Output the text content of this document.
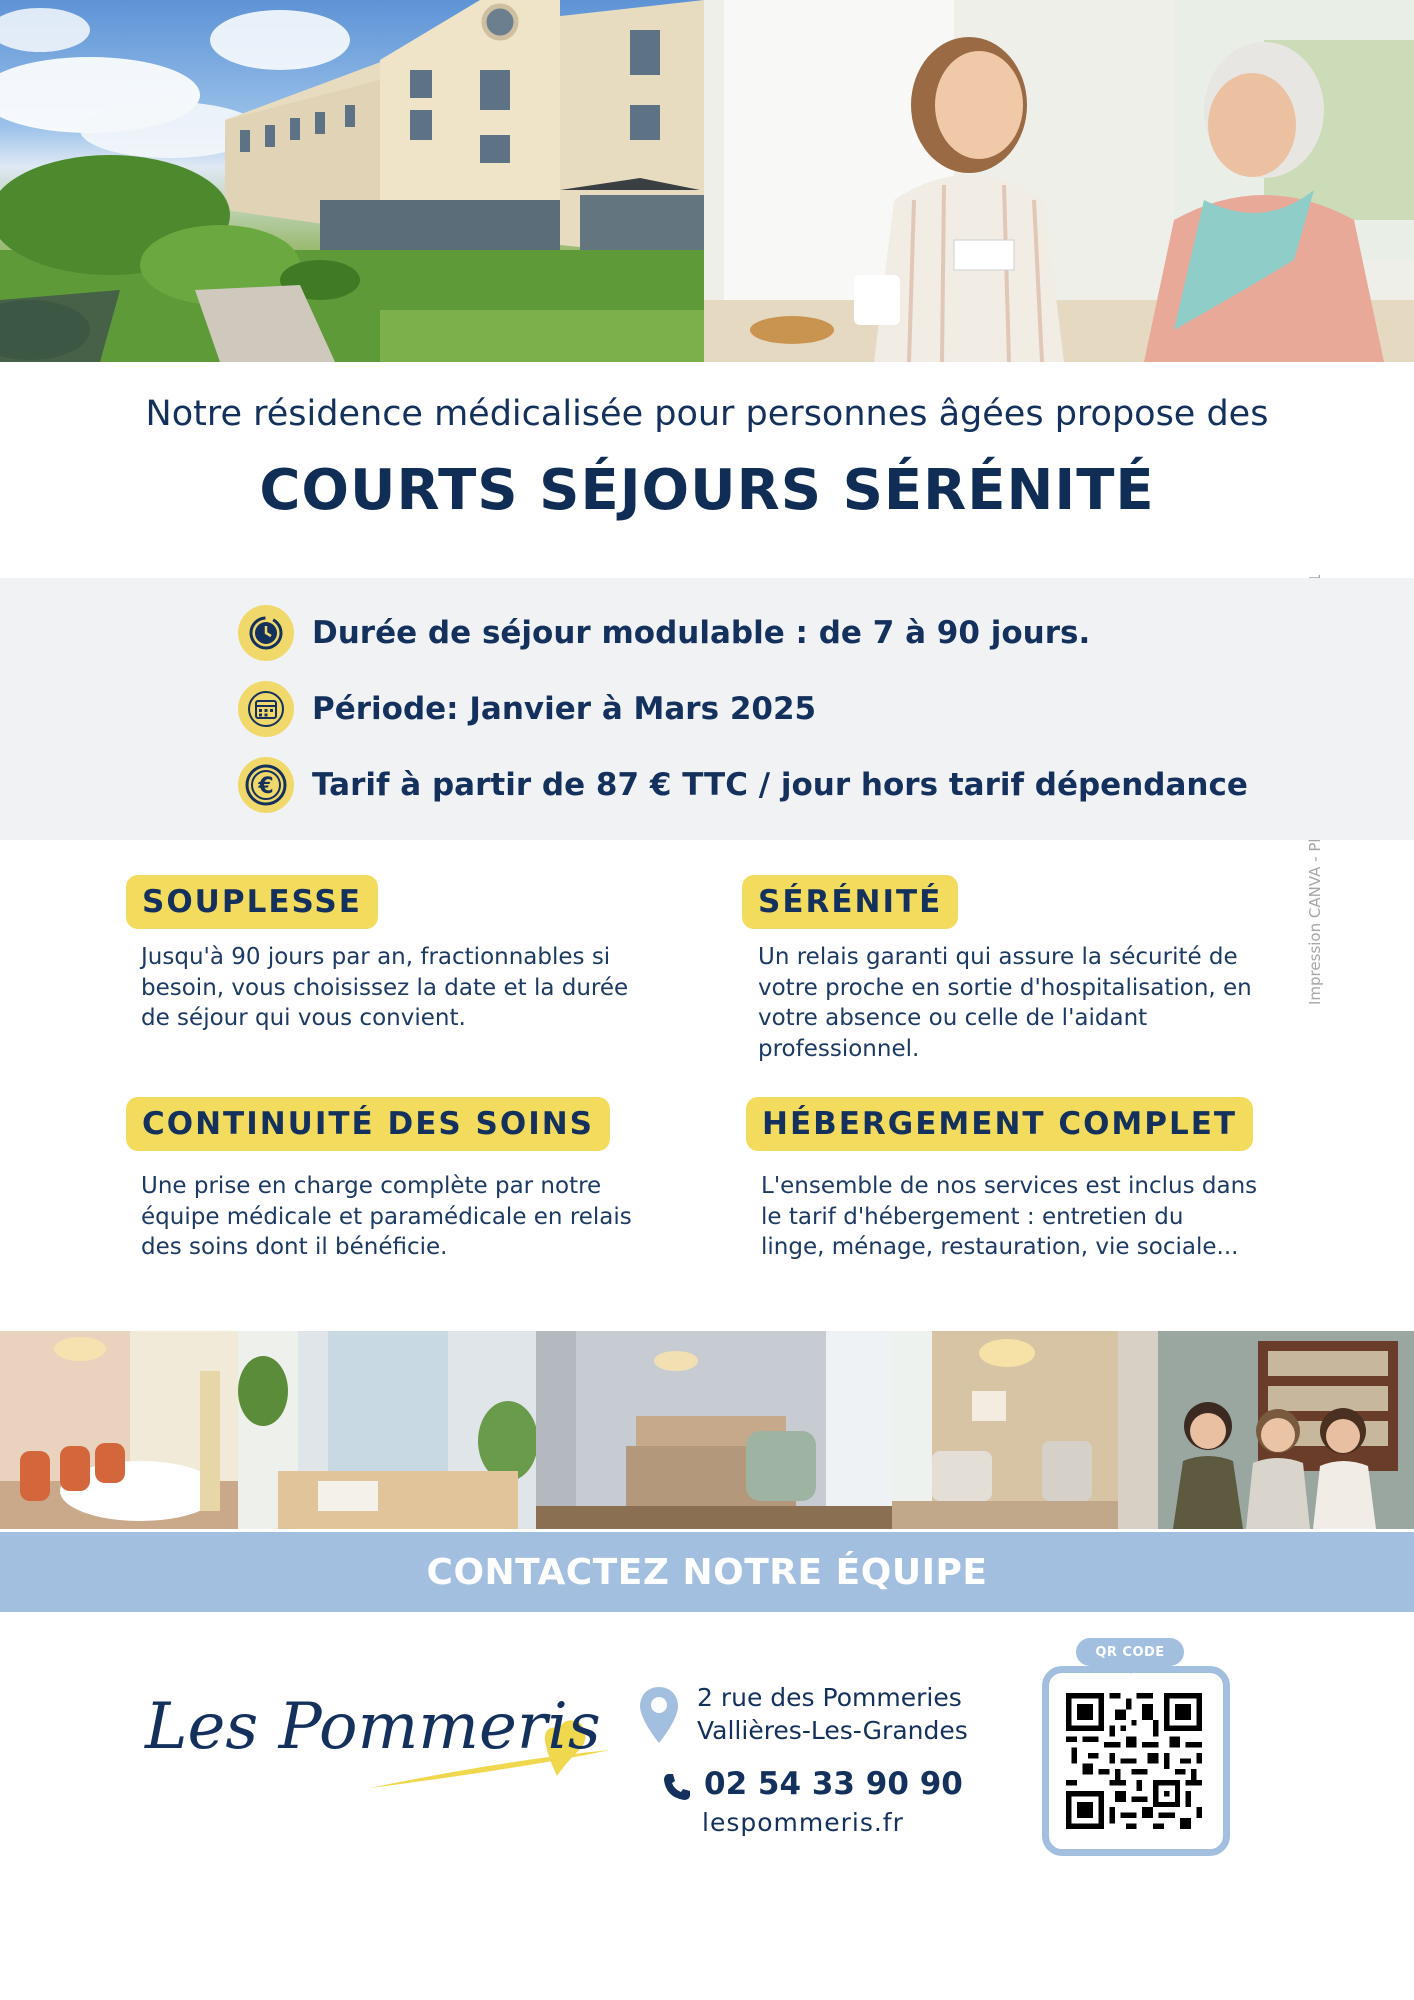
Notre résidence médicalisée pour personnes âgées propose des
COURTS SÉJOURS SÉRÉNITÉ
Durée de séjour modulable : de 7 à 90 jours.
Période: Janvier à Mars 2025
€ Tarif à partir de 87 € TTC / jour hors tarif dépendance
SOUPLESSE
Jusqu'à 90 jours par an, fractionnables si
besoin, vous choisissez la date et la durée
de séjour qui vous convient.
SÉRÉNITÉ
Un relais garanti qui assure la sécurité de
votre proche en sortie d'hospitalisation, en
votre absence ou celle de l'aidant
professionnel.
CONTINUITÉ DES SOINS
Une prise en charge complète par notre
équipe médicale et paramédicale en relais
des soins dont il bénéficie.
HÉBERGEMENT COMPLET
L'ensemble de nos services est inclus dans
le tarif d'hébergement : entretien du
linge, ménage, restauration, vie sociale...
CONTACTEZ NOTRE ÉQUIPE
Les Pommeris	2 rue des Pommeries
Vallières-Les-Grandes
02 54 33 90 90
lespommeris.fr
QR CODE
